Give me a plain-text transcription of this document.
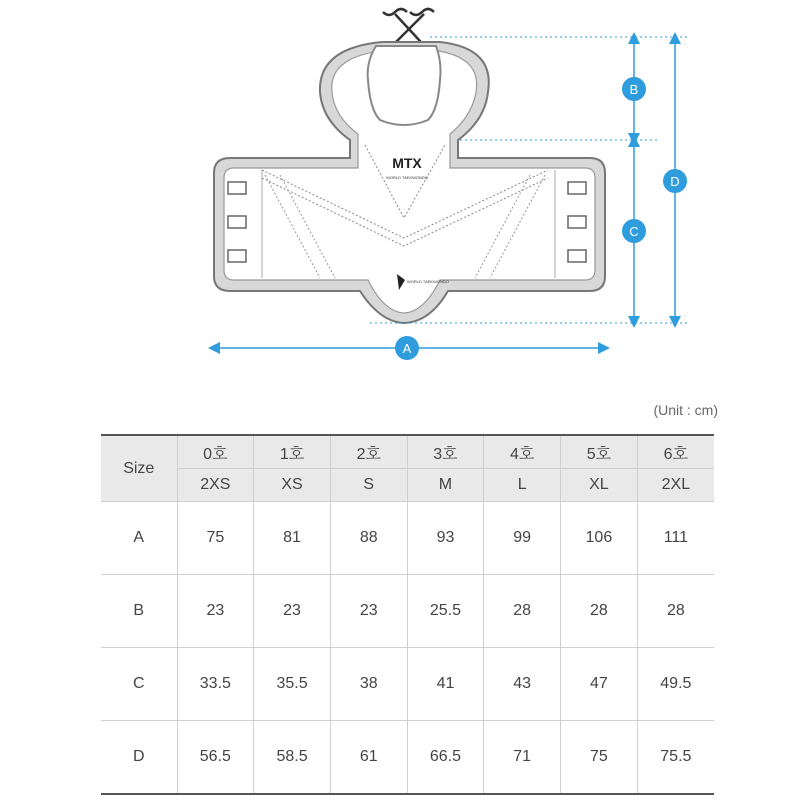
MTX
WORLD TAEKWONDO
WORLD TAEKWONDO
A
B
C
D
(Unit : cm)
Size	0호	1호	2호	3호	4호	5호	6호
	2XS	XS	S	M	L	XL	2XL
A	75	81	88	93	99	106	111
B	23	23	23	25.5	28	28	28
C	33.5	35.5	38	41	43	47	49.5
D	56.5	58.5	61	66.5	71	75	75.5
